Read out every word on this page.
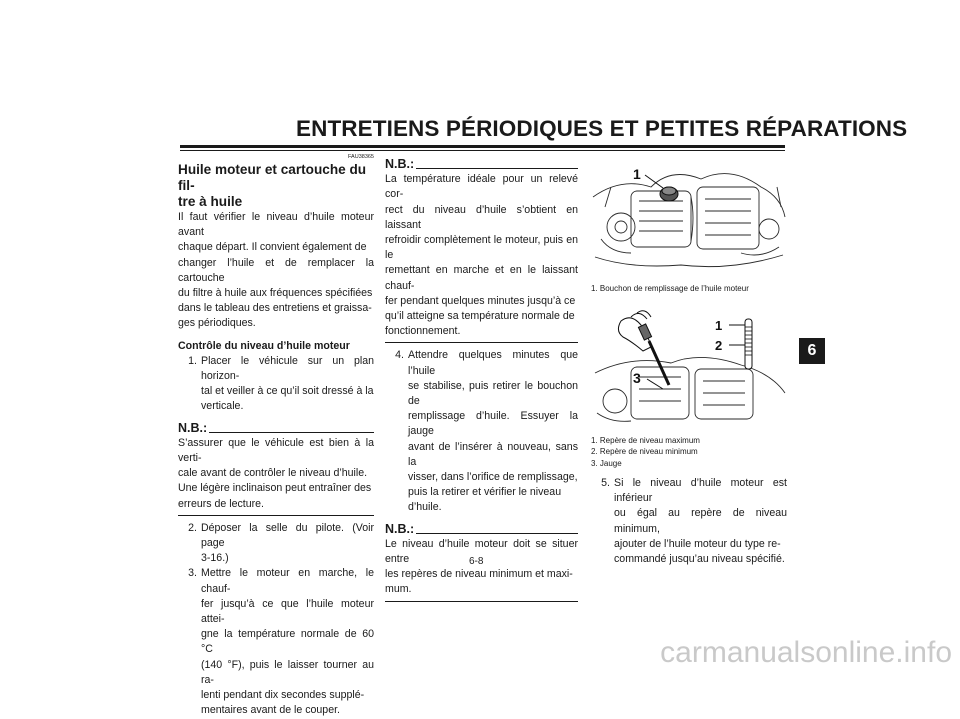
ENTRETIENS PÉRIODIQUES ET PETITES RÉPARATIONS
6
FAU38365
Huile moteur et cartouche du fil-
tre à huile
Il faut vérifier le niveau d’huile moteur avant
chaque départ. Il convient également de
changer l’huile et de remplacer la cartouche
du filtre à huile aux fréquences spécifiées
dans le tableau des entretiens et graissa-
ges périodiques.
Contrôle du niveau d’huile moteur
1. Placer le véhicule sur un plan horizon-
tal et veiller à ce qu’il soit dressé à la
verticale.
N.B.:
S’assurer que le véhicule est bien à la verti-
cale avant de contrôler le niveau d’huile.
Une légère inclinaison peut entraîner des
erreurs de lecture.
2. Déposer la selle du pilote. (Voir page
3-16.)
3. Mettre le moteur en marche, le chauf-
fer jusqu’à ce que l’huile moteur attei-
gne la température normale de 60 °C
(140 °F), puis le laisser tourner au ra-
lenti pendant dix secondes supplé-
mentaires avant de le couper.
N.B.:
La température idéale pour un relevé cor-
rect du niveau d’huile s’obtient en laissant
refroidir complètement le moteur, puis en le
remettant en marche et en le laissant chauf-
fer pendant quelques minutes jusqu’à ce
qu’il atteigne sa température normale de
fonctionnement.
4. Attendre quelques minutes que l’huile
se stabilise, puis retirer le bouchon de
remplissage d’huile. Essuyer la jauge
avant de l’insérer à nouveau, sans la
visser, dans l’orifice de remplissage,
puis la retirer et vérifier le niveau
d’huile.
N.B.:
Le niveau d’huile moteur doit se situer entre
les repères de niveau minimum et maxi-
mum.
1
1. Bouchon de remplissage de l’huile moteur
3
1
2
1. Repère de niveau maximum
2. Repère de niveau minimum
3. Jauge
5. Si le niveau d’huile moteur est inférieur
ou égal au repère de niveau minimum,
ajouter de l’huile moteur du type re-
commandé jusqu’au niveau spécifié.
6-8
carmanualsonline.info
